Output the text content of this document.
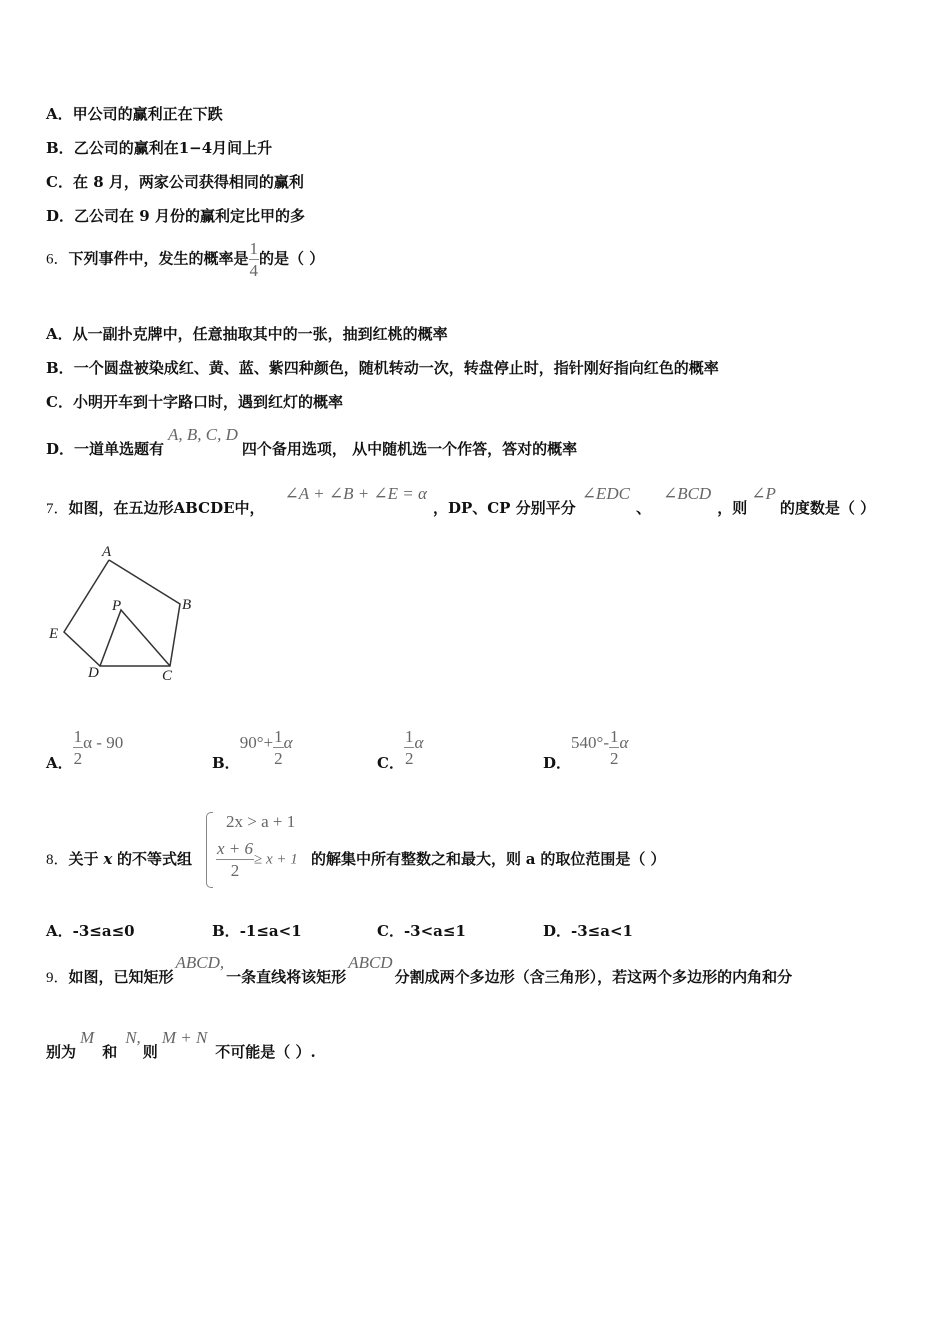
A．甲公司的赢利正在下跌
B．乙公司的赢利在1−4月间上升
C．在 8 月，两家公司获得相同的赢利
D．乙公司在 9 月份的赢利定比甲的多
6．下列事件中，发生的概率是 $\frac{1}{4}$ 的是（ ）
A．从一副扑克牌中，任意抽取其中的一张，抽到红桃的概率
B．一个圆盘被染成红、黄、蓝、紫四种颜色，随机转动一次，转盘停止时，指针刚好指向红色的概率
C．小明开车到十字路口时，遇到红灯的概率
D．一道单选题有A, B, C, D四个备用选项， 从中随机选一个作答，答对的概率
7．如图，在五边形ABCDE中，∠A + ∠B + ∠E = α，DP、CP 分别平分∠EDC、∠BCD，则∠P的度数是（ ）
A
B
C
D
E
P
A． $\frac{1}{2}$ α - 90
B．$90^\circ+ \frac{1}{2}$ α
C． $\frac{1}{2}$ α
D．$540^\circ- \frac{1}{2}$ α
8．关于 x 的不等式组
2x > a + 1
$\frac{x + 6}{2} \ge x + 1$ 的解集中所有整数之和最大，则 a 的取位范围是（ ）
A．-3≤a≤0	B．-1≤a<1	C．-3<a≤1	D．-3≤a<1
9．如图，已知矩形ABCD,一条直线将该矩形ABCD分割成两个多边形（含三角形），若这两个多边形的内角和分
别为M和N,则M + N不可能是（ ）.
